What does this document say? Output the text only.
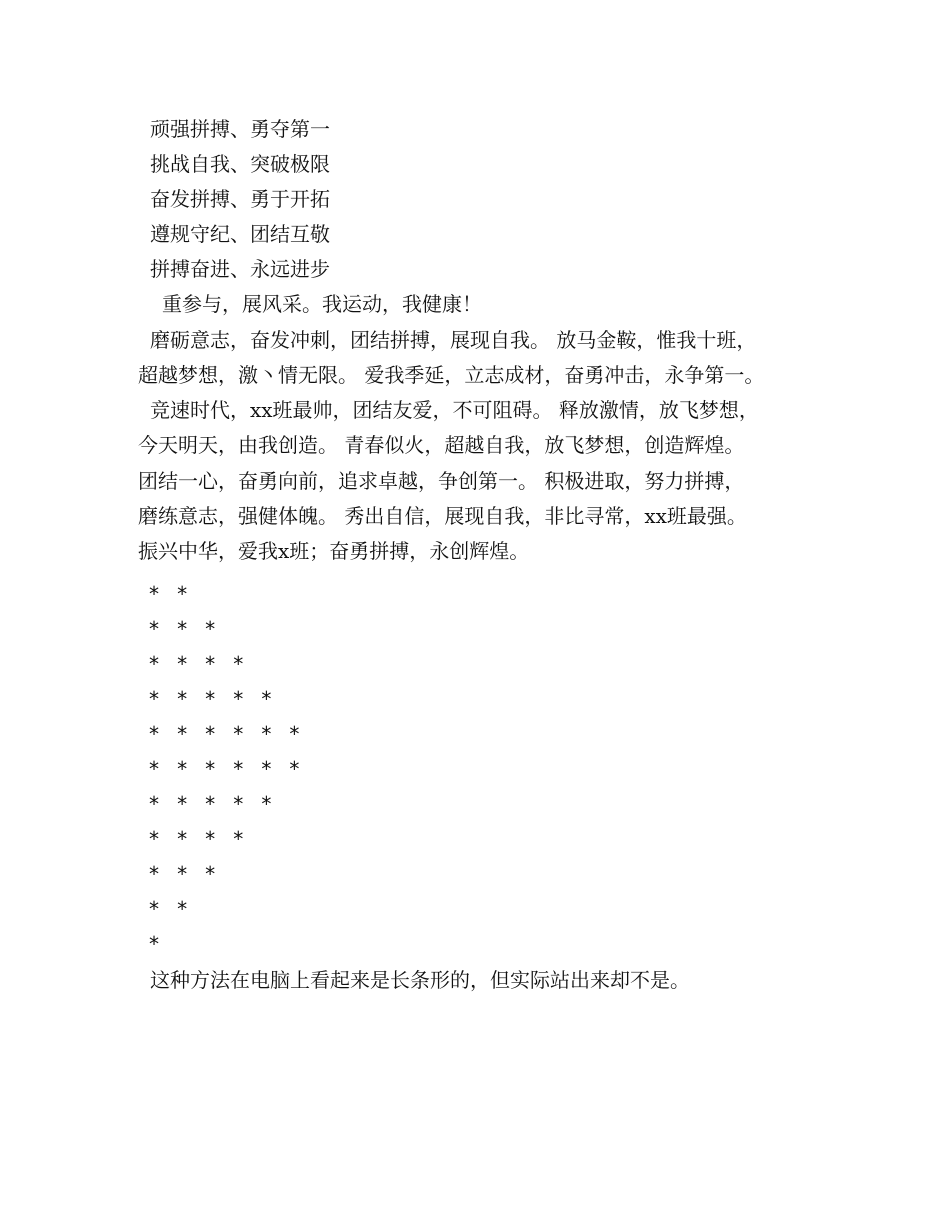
顽强拼搏、勇夺第一
挑战自我、突破极限
奋发拼搏、勇于开拓
遵规守纪、团结互敬
拼搏奋进、永远进步
重参与，展风采。我运动，我健康！
磨砺意志，奋发冲刺，团结拼搏，展现自我。 放马金鞍，惟我十班，
超越梦想，激丶情无限。 爱我季延，立志成材，奋勇冲击，永争第一。
竞速时代，xx班最帅，团结友爱，不可阻碍。 释放激情，放飞梦想，
今天明天，由我创造。 青春似火，超越自我，放飞梦想，创造辉煌。
团结一心，奋勇向前，追求卓越，争创第一。 积极进取，努力拼搏，
磨练意志，强健体魄。 秀出自信，展现自我，非比寻常，xx班最强。
振兴中华，爱我x班；奋勇拼搏，永创辉煌。
* *
* * *
* * * *
* * * * *
* * * * * *
* * * * * *
* * * * *
* * * *
* * *
* *
*
这种方法在电脑上看起来是长条形的，但实际站出来却不是。
